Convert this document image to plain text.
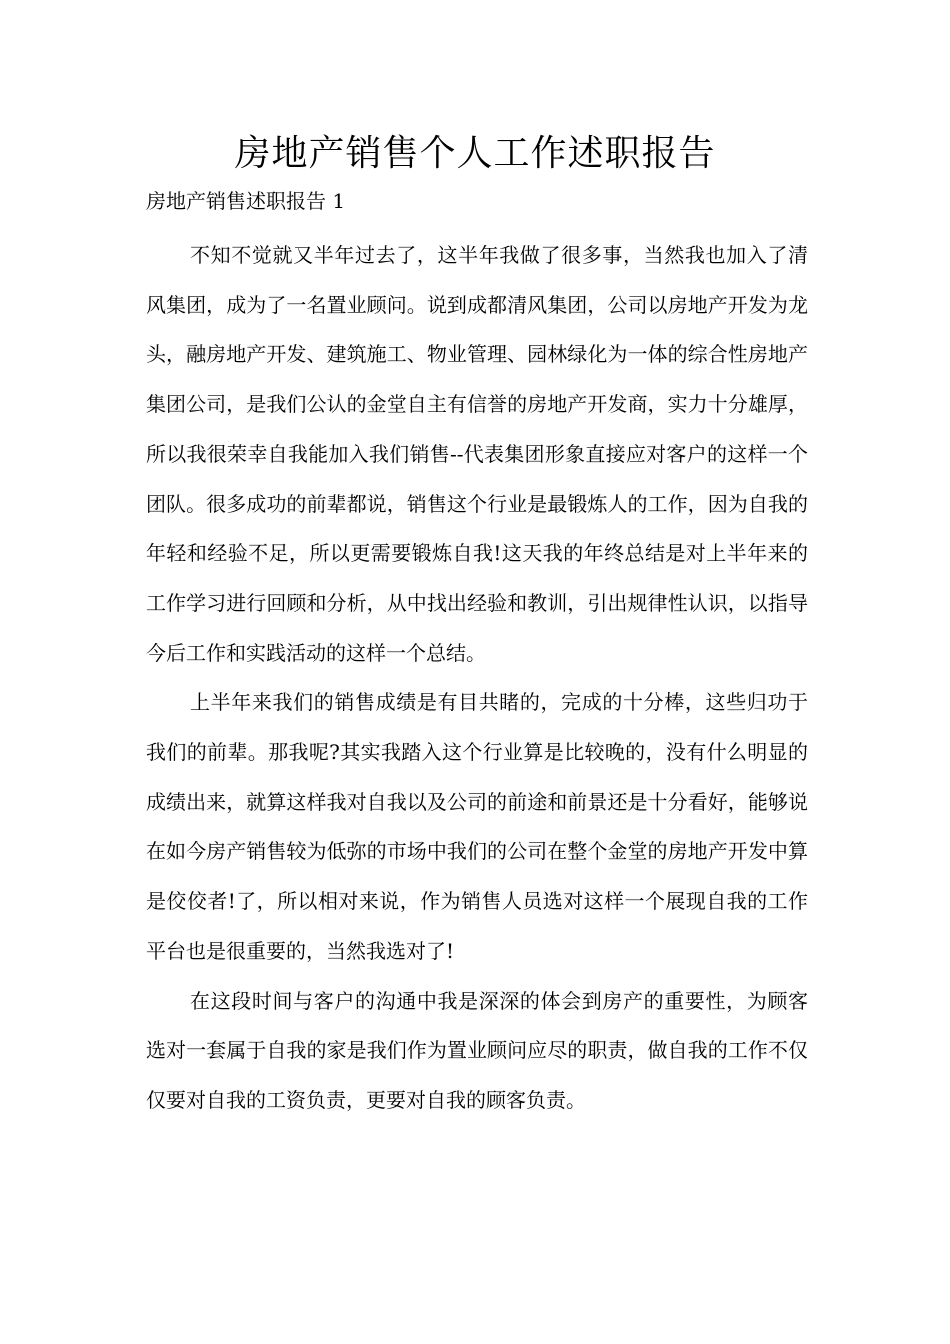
房地产销售个人工作述职报告

房地产销售述职报告 1

不知不觉就又半年过去了，这半年我做了很多事，当然我也加入了清风集团，成为了一名置业顾问。说到成都清风集团，公司以房地产开发为龙头，融房地产开发、建筑施工、物业管理、园林绿化为一体的综合性房地产集团公司，是我们公认的金堂自主有信誉的房地产开发商，实力十分雄厚，所以我很荣幸自我能加入我们销售--代表集团形象直接应对客户的这样一个团队。很多成功的前辈都说，销售这个行业是最锻炼人的工作，因为自我的年轻和经验不足，所以更需要锻炼自我!这天我的年终总结是对上半年来的工作学习进行回顾和分析，从中找出经验和教训，引出规律性认识，以指导今后工作和实践活动的这样一个总结。

上半年来我们的销售成绩是有目共睹的，完成的十分棒，这些归功于我们的前辈。那我呢?其实我踏入这个行业算是比较晚的，没有什么明显的成绩出来，就算这样我对自我以及公司的前途和前景还是十分看好，能够说在如今房产销售较为低弥的市场中我们的公司在整个金堂的房地产开发中算是佼佼者!了，所以相对来说，作为销售人员选对这样一个展现自我的工作平台也是很重要的，当然我选对了!

在这段时间与客户的沟通中我是深深的体会到房产的重要性，为顾客选对一套属于自我的家是我们作为置业顾问应尽的职责，做自我的工作不仅仅要对自我的工资负责，更要对自我的顾客负责。
